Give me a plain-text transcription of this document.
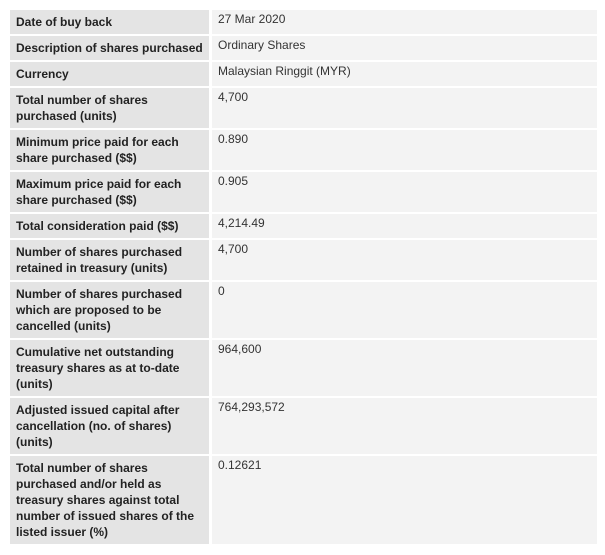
Date of buy back		27 Mar 2020

Description of shares purchased		Ordinary Shares

Currency		Malaysian Ringgit (MYR)

Total number of shares purchased (units)		4,700

Minimum price paid for each share purchased ($$)		0.890

Maximum price paid for each share purchased ($$)		0.905

Total consideration paid ($$)		4,214.49

Number of shares purchased retained in treasury (units)		4,700

Number of shares purchased which are proposed to be cancelled (units)		0

Cumulative net outstanding treasury shares as at to-date (units)		964,600

Adjusted issued capital after cancellation (no. of shares) (units)		764,293,572

Total number of shares purchased and/or held as treasury shares against total number of issued shares of the listed issuer (%)		0.12621
